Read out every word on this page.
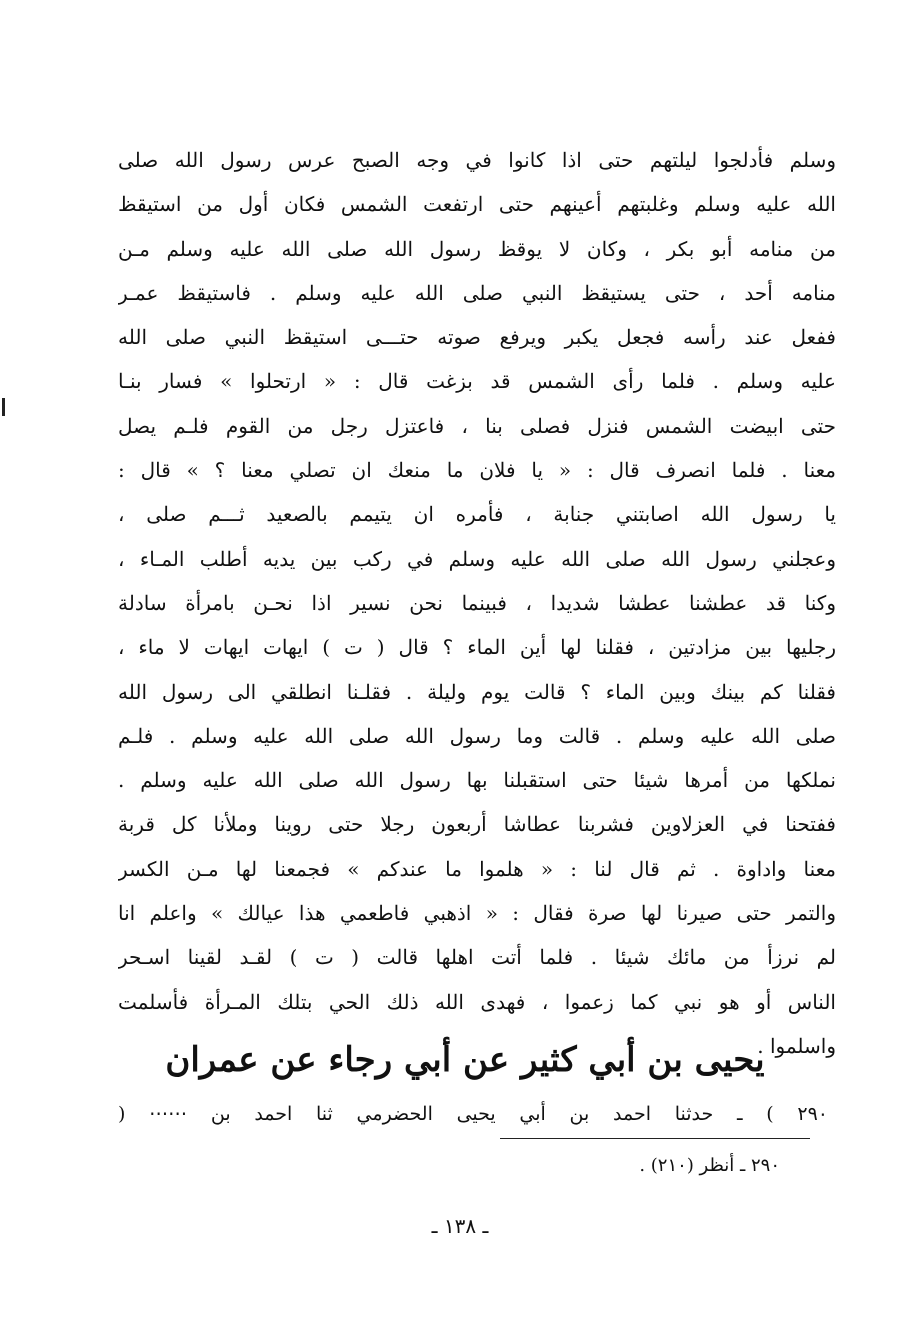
وسلم فأدلجوا ليلتهم حتى اذا كانوا في وجه الصبح عرس رسول الله صلى
الله عليه وسلم وغلبتهم أعينهم حتى ارتفعت الشمس فكان أول من استيقظ
من منامه أبو بكر ، وكان لا يوقظ رسول الله صلى الله عليه وسلم مـن
منامه أحد ، حتى يستيقظ النبي صلى الله عليه وسلم . فاستيقظ عمـر
ففعل عند رأسه فجعل يكبر ويرفع صوته حتـــى استيقظ النبي صلى الله
عليه وسلم . فلما رأى الشمس قد بزغت قال : « ارتحلوا » فسار بنـا
حتى ابيضت الشمس فنزل فصلى بنا ، فاعتزل رجل من القوم فلـم يصل
معنا . فلما انصرف قال : « يا فلان ما منعك ان تصلي معنا ؟ » قال :
يا رسول الله اصابتني جنابة ، فأمره ان يتيمم بالصعيد ثـــم صلى ،
وعجلني رسول الله صلى الله عليه وسلم في ركب بين يديه أطلب المـاء ،
وكنا قد عطشنا عطشا شديدا ، فبينما نحن نسير اذا نحـن بامرأة سادلة
رجليها بين مزادتين ، فقلنا لها أين الماء ؟ قال ( ت ) ايهات ايهات لا ماء ،
فقلنا كم بينك وبين الماء ؟ قالت يوم وليلة . فقلـنا انطلقي الى رسول الله
صلى الله عليه وسلم . قالت وما رسول الله صلى الله عليه وسلم . فلـم
نملكها من أمرها شيئا حتى استقبلنا بها رسول الله صلى الله عليه وسلم .
ففتحنا في العزلاوين فشربنا عطاشا أربعون رجلا حتى روينا وملأنا كل قربة
معنا واداوة . ثم قال لنا : « هلموا ما عندكم » فجمعنا لها مـن الكسر
والتمر حتى صيرنا لها صرة فقال : « اذهبي فاطعمي هذا عيالك » واعلم انا
لم نرزأ من مائك شيئا . فلما أتت اهلها قالت ( ت ) لقـد لقينا اسـحر
الناس أو هو نبي كما زعموا ، فهدى الله ذلك الحي بتلك المـرأة فأسلمت
واسلموا .
يحيى بن أبي كثير عن أبي رجاء عن عمران
٢٩٠ ) ـ حدثنا احمد بن أبي يحيى الحضرمي ثنا احمد بن ⋯⋯ (
٢٩٠ ـ أنظر (٢١٠) .
ـ ١٣٨ ـ
